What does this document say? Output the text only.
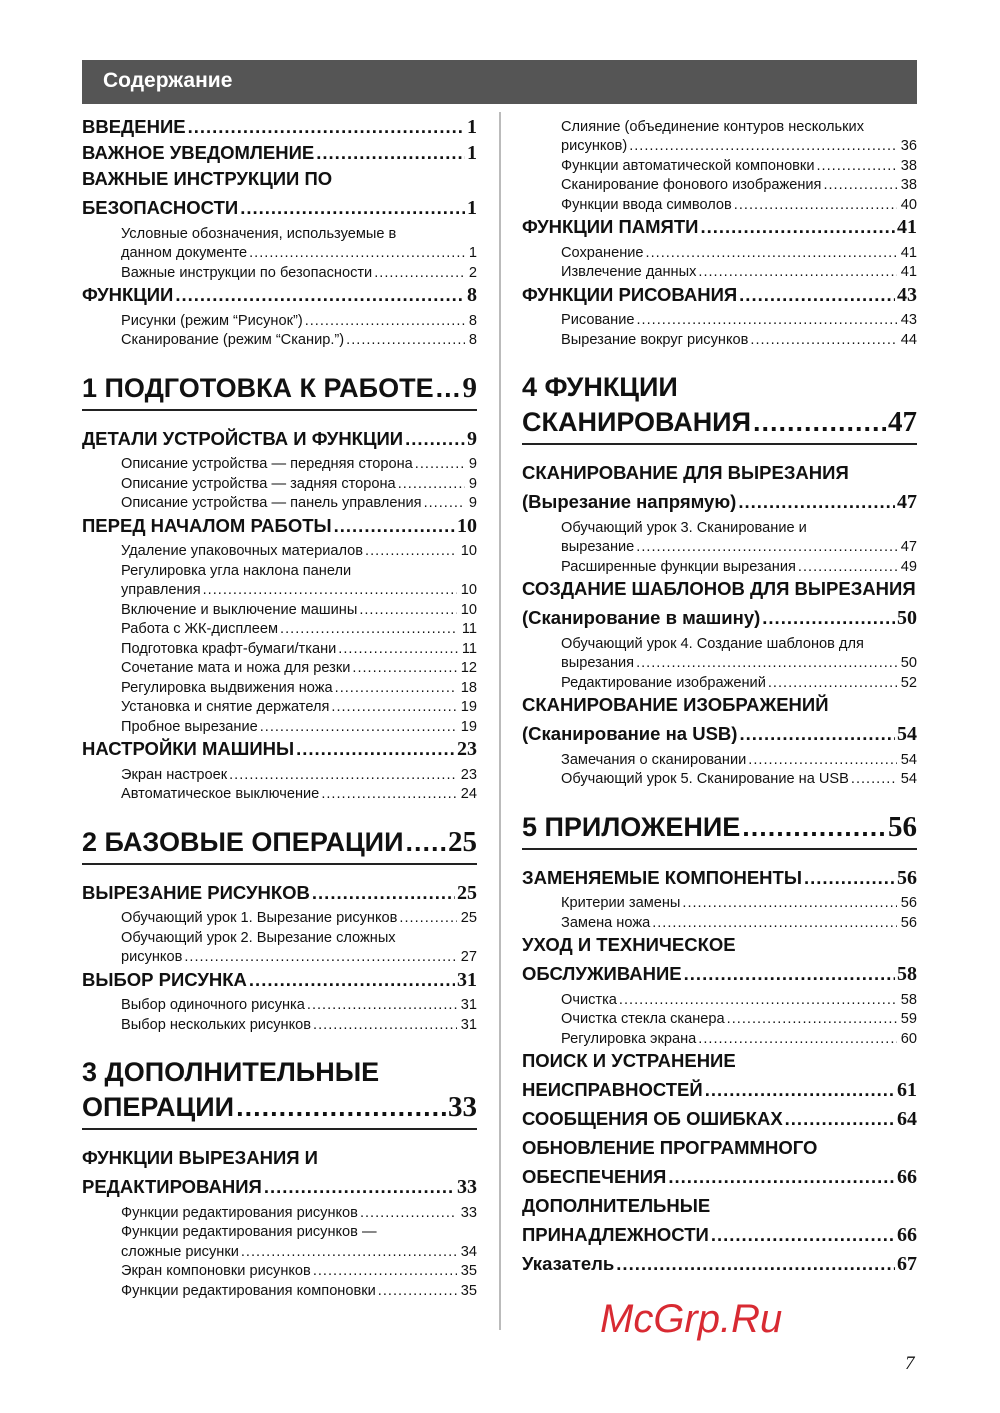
Содержание
ВВЕДЕНИЕ .....	1
ВАЖНОЕ УВЕДОМЛЕНИЕ .....	1
ВАЖНЫЕ ИНСТРУКЦИИ ПО
БЕЗОПАСНОСТИ .....	1
Условные обозначения, используемые в
данном документе .....	1
Важные инструкции по безопасности .....	2
ФУНКЦИИ .....	8
Рисунки (режим “Рисунок”) .....	8
Сканирование (режим “Сканир.”) .....	8
1 ПОДГОТОВКА К РАБОТЕ ..... 9
ДЕТАЛИ УСТРОЙСТВА И ФУНКЦИИ .....	9
Описание устройства — передняя сторона .....	9
Описание устройства — задняя сторона .....	9
Описание устройства — панель управления .....	9
ПЕРЕД НАЧАЛОМ РАБОТЫ .....	10
Удаление упаковочных материалов .....	10
Регулировка угла наклона панели
управления .....	10
Включение и выключение машины .....	10
Работа с ЖК-дисплеем .....	11
Подготовка крафт-бумаги/ткани .....	11
Сочетание мата и ножа для резки .....	12
Регулировка выдвижения ножа .....	18
Установка и снятие держателя .....	19
Пробное вырезание .....	19
НАСТРОЙКИ МАШИНЫ .....	23
Экран настроек .....	23
Автоматическое выключение .....	24
2 БАЗОВЫЕ ОПЕРАЦИИ ..... 25
ВЫРЕЗАНИЕ РИСУНКОВ .....	25
Обучающий урок 1. Вырезание рисунков .....	25
Обучающий урок 2. Вырезание сложных
рисунков .....	27
ВЫБОР РИСУНКА .....	31
Выбор одиночного рисунка .....	31
Выбор нескольких рисунков .....	31
3 ДОПОЛНИТЕЛЬНЫЕ
ОПЕРАЦИИ .....	33
ФУНКЦИИ ВЫРЕЗАНИЯ И
РЕДАКТИРОВАНИЯ .....	33
Функции редактирования рисунков .....	33
Функции редактирования рисунков —
сложные рисунки .....	34
Экран компоновки рисунков .....	35
Функции редактирования компоновки .....	35
Слияние (объединение контуров нескольких
рисунков) .....	36
Функции автоматической компоновки .....	38
Сканирование фонового изображения .....	38
Функции ввода символов .....	40
ФУНКЦИИ ПАМЯТИ .....	41
Сохранение .....	41
Извлечение данных .....	41
ФУНКЦИИ РИСОВАНИЯ .....	43
Рисование .....	43
Вырезание вокруг рисунков .....	44
4 ФУНКЦИИ
СКАНИРОВАНИЯ .....	47
СКАНИРОВАНИЕ ДЛЯ ВЫРЕЗАНИЯ
(Вырезание напрямую) .....	47
Обучающий урок 3. Сканирование и
вырезание .....	47
Расширенные функции вырезания .....	49
СОЗДАНИЕ ШАБЛОНОВ ДЛЯ ВЫРЕЗАНИЯ
(Сканирование в машину) .....	50
Обучающий урок 4. Создание шаблонов для
вырезания .....	50
Редактирование изображений .....	52
СКАНИРОВАНИЕ ИЗОБРАЖЕНИЙ
(Сканирование на USB) .....	54
Замечания о сканировании .....	54
Обучающий урок 5. Сканирование на USB .....	54
5 ПРИЛОЖЕНИЕ .....	56
ЗАМЕНЯЕМЫЕ КОМПОНЕНТЫ .....	56
Критерии замены .....	56
Замена ножа .....	56
УХОД И ТЕХНИЧЕСКОЕ
ОБСЛУЖИВАНИЕ .....	58
Очистка .....	58
Очистка стекла сканера .....	59
Регулировка экрана .....	60
ПОИСК И УСТРАНЕНИЕ
НЕИСПРАВНОСТЕЙ .....	61
СООБЩЕНИЯ ОБ ОШИБКАХ .....	64
ОБНОВЛЕНИЕ ПРОГРАММНОГО
ОБЕСПЕЧЕНИЯ .....	66
ДОПОЛНИТЕЛЬНЫЕ
ПРИНАДЛЕЖНОСТИ .....	66
Указатель .....	67
McGrp.Ru
7
